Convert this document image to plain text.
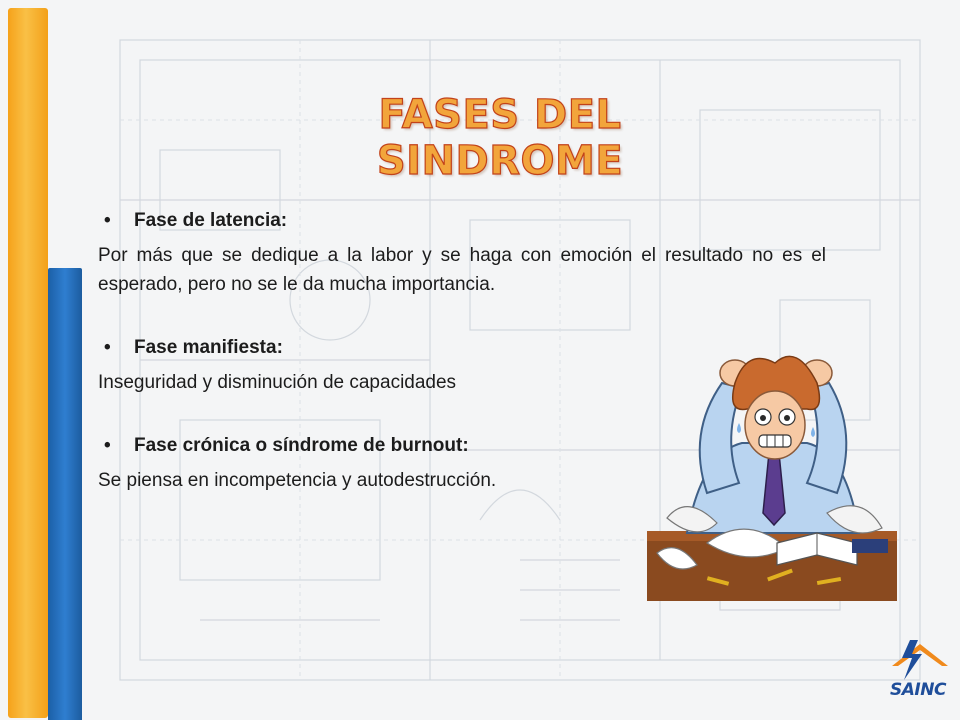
FASES DEL SINDROME
• Fase de latencia:
Por más que se dedique a la labor y se haga con emoción el resultado no es el esperado, pero no se le da mucha importancia.
• Fase manifiesta:
Inseguridad y disminución de capacidades
• Fase crónica o síndrome de burnout:
Se piensa en incompetencia y autodestrucción.
SAINC
